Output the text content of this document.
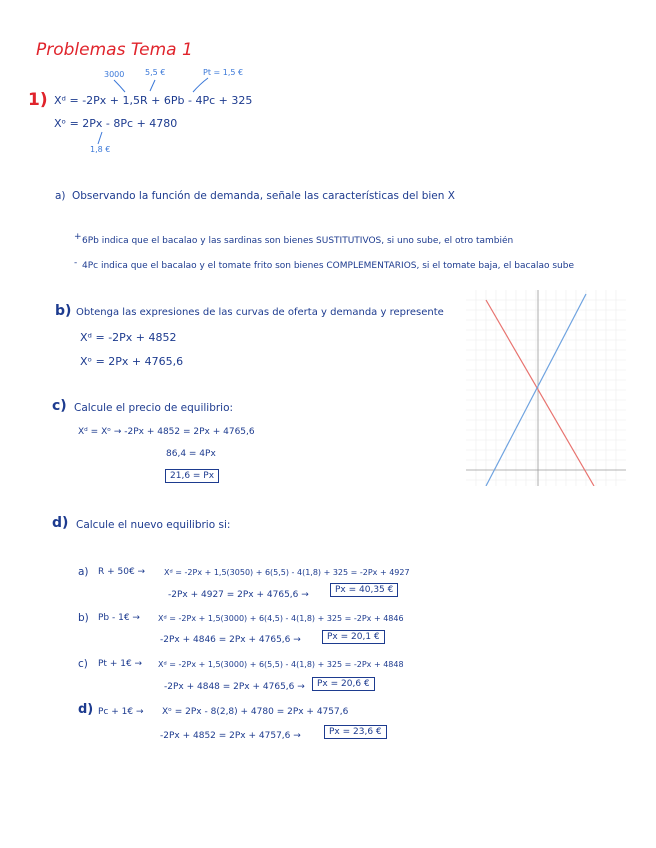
Problemas Tema 1
3000	5,5 €	Pt = 1,5 €
1) Xᵈ = -2Px + 1,5R + 6Pb - 4Pc + 325
Xᵒ = 2Px - 8Pc + 4780
1,8 €
a) Observando la función de demanda, señale las características del bien X
+ 6Pb indica que el bacalao y las sardinas son bienes SUSTITUTIVOS, si uno sube, el otro también
- 4Pc indica que el bacalao y el tomate frito son bienes COMPLEMENTARIOS, si el tomate baja, el bacalao sube
b) Obtenga las expresiones de las curvas de oferta y demanda y represente
Xᵈ = -2Px + 4852
Xᵒ = 2Px + 4765,6
c) Calcule el precio de equilibrio:
Xᵈ = Xᵒ → -2Px + 4852 = 2Px + 4765,6
86,4 = 4Px
21,6 = Px
d) Calcule el nuevo equilibrio si:
a) R + 50€ → Xᵈ = -2Px + 1,5(3050) + 6(5,5) - 4(1,8) + 325 = -2Px + 4927
-2Px + 4927 = 2Px + 4765,6 →	Px = 40,35 €
b) Pb - 1€ → Xᵈ = -2Px + 1,5(3000) + 6(4,5) - 4(1,8) + 325 = -2Px + 4846
-2Px + 4846 = 2Px + 4765,6 →	Px = 20,1 €
c) Pt + 1€ → Xᵈ = -2Px + 1,5(3000) + 6(5,5) - 4(1,8) + 325 = -2Px + 4848
-2Px + 4848 = 2Px + 4765,6 →	Px = 20,6 €
d) Pc + 1€ → Xᵒ = 2Px - 8(2,8) + 4780 = 2Px + 4757,6
-2Px + 4852 = 2Px + 4757,6 →	Px = 23,6 €
